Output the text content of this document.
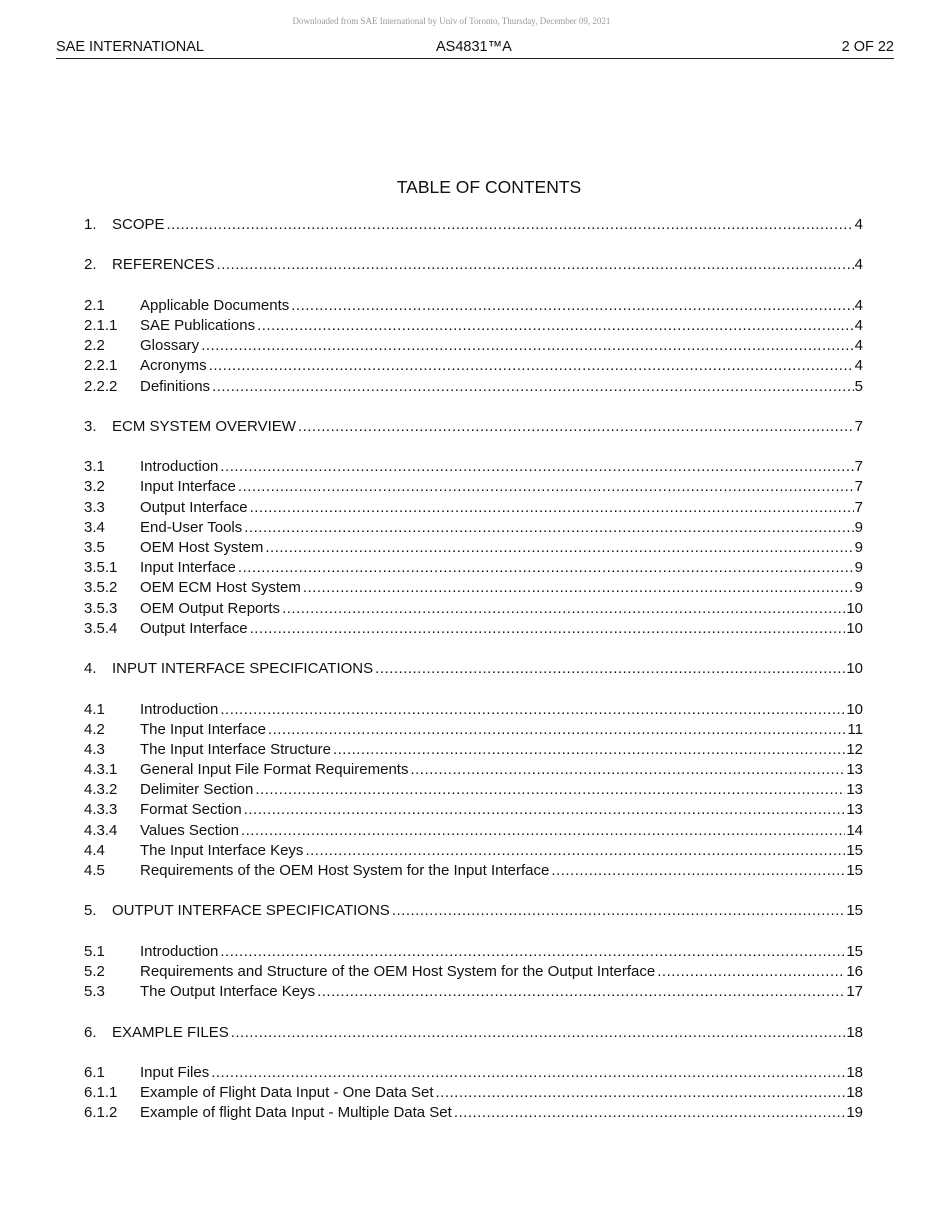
Downloaded from SAE International by Univ of Toronto, Thursday, December 09, 2021
SAE INTERNATIONAL	AS4831™A	2 OF 22
TABLE OF CONTENTS
1.	SCOPE .....	4
2.	REFERENCES .....	4
2.1	Applicable Documents .....	4
2.1.1	SAE Publications .....	4
2.2	Glossary .....	4
2.2.1	Acronyms .....	4
2.2.2	Definitions .....	5
3.	ECM SYSTEM OVERVIEW .....	7
3.1	Introduction .....	7
3.2	Input Interface .....	7
3.3	Output Interface .....	7
3.4	End-User Tools .....	9
3.5	OEM Host System .....	9
3.5.1	Input Interface .....	9
3.5.2	OEM ECM Host System .....	9
3.5.3	OEM Output Reports .....	10
3.5.4	Output Interface .....	10
4.	INPUT INTERFACE SPECIFICATIONS .....	10
4.1	Introduction .....	10
4.2	The Input Interface .....	11
4.3	The Input Interface Structure .....	12
4.3.1	General Input File Format Requirements .....	13
4.3.2	Delimiter Section .....	13
4.3.3	Format Section .....	13
4.3.4	Values Section .....	14
4.4	The Input Interface Keys .....	15
4.5	Requirements of the OEM Host System for the Input Interface .....	15
5.	OUTPUT INTERFACE SPECIFICATIONS .....	15
5.1	Introduction .....	15
5.2	Requirements and Structure of the OEM Host System for the Output Interface .....	16
5.3	The Output Interface Keys .....	17
6.	EXAMPLE FILES .....	18
6.1	Input Files .....	18
6.1.1	Example of Flight Data Input - One Data Set .....	18
6.1.2	Example of flight Data Input - Multiple Data Set .....	19
